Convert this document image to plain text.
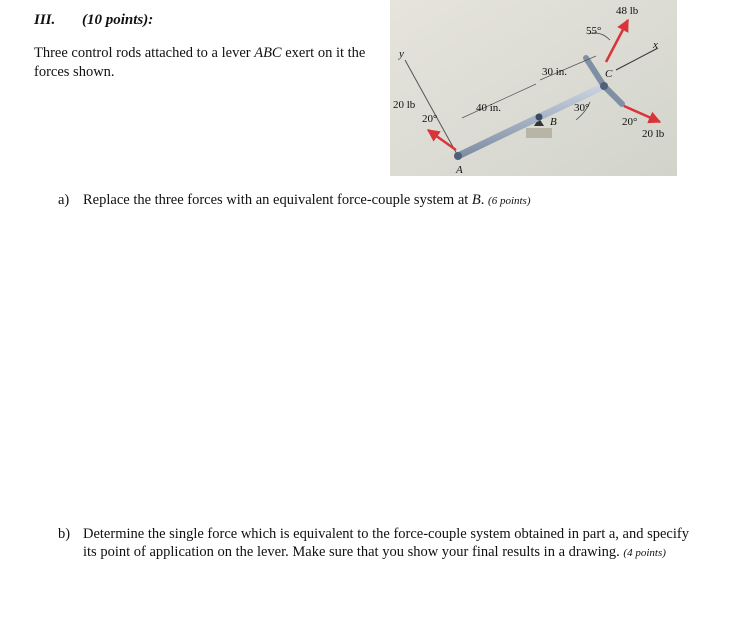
III. (10 points):
Three control rods attached to a lever ABC exert on it the forces shown.
48 lb
55°
y
x
30 in.
40 in.
C
B
A
20 lb
20°
30°
20°
20 lb
a) Replace the three forces with an equivalent force-couple system at B. (6 points)
b) Determine the single force which is equivalent to the force-couple system obtained in part a, and specify its point of application on the lever. Make sure that you show your final results in a drawing. (4 points)
